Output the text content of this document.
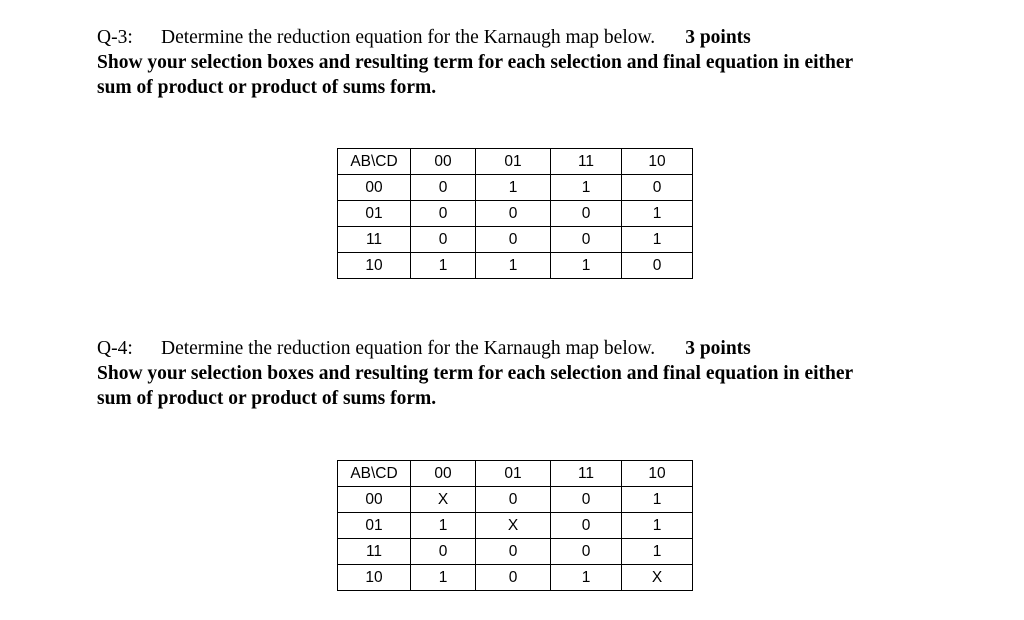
Q-3: Determine the reduction equation for the Karnaugh map below. 3 points
Show your selection boxes and resulting term for each selection and final equation in either
sum of product or product of sums form.
AB\CD	00	01	11	10
00	0	1	1	0
01	0	0	0	1
11	0	0	0	1
10	1	1	1	0
Q-4: Determine the reduction equation for the Karnaugh map below. 3 points
Show your selection boxes and resulting term for each selection and final equation in either
sum of product or product of sums form.
AB\CD	00	01	11	10
00	X	0	0	1
01	1	X	0	1
11	0	0	0	1
10	1	0	1	X
